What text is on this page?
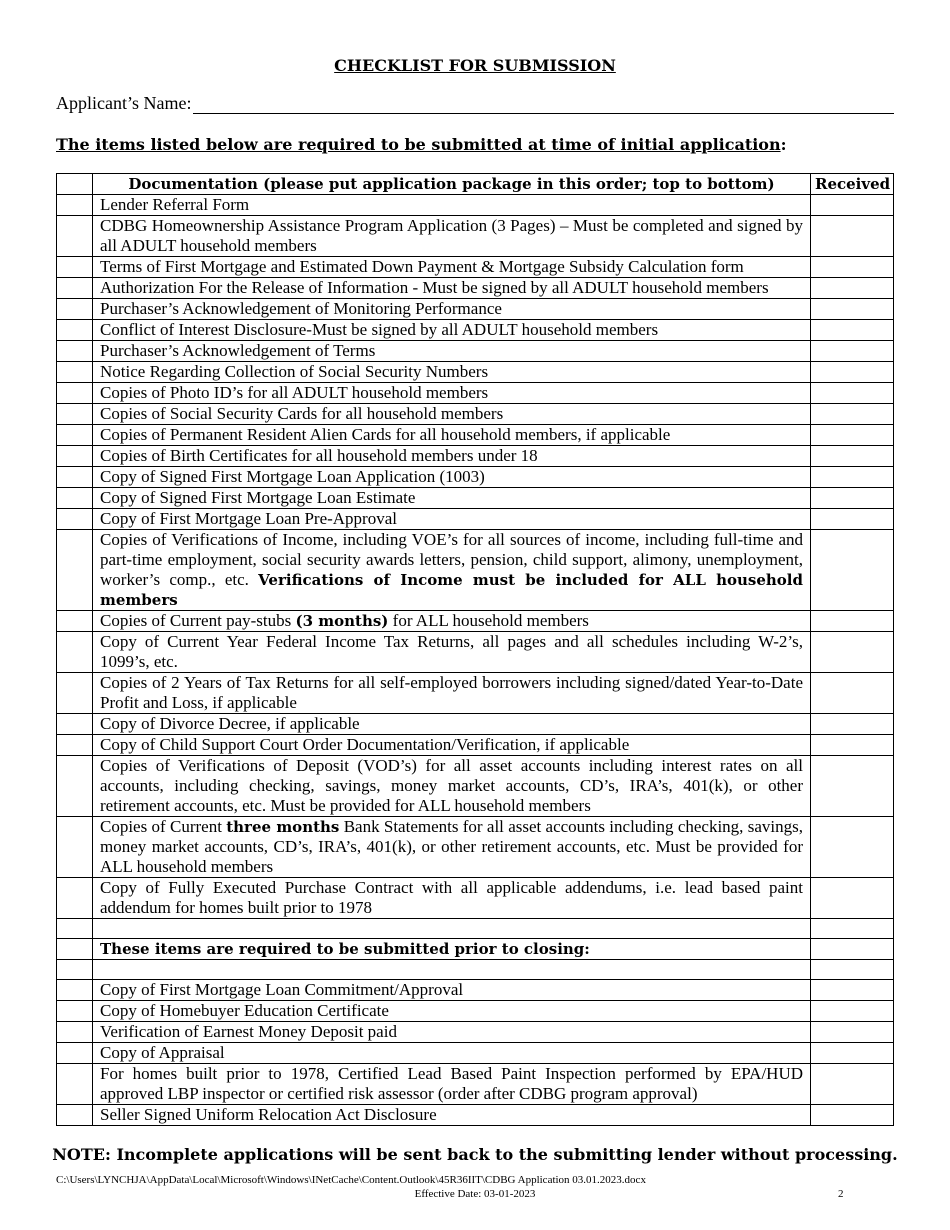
CHECKLIST FOR SUBMISSION
Applicant’s Name:
The items listed below are required to be submitted at time of initial application:
	Documentation (please put application package in this order; top to bottom)	Received
	Lender Referral Form	
	CDBG Homeownership Assistance Program Application (3 Pages) – Must be completed and signed by all ADULT household members	
	Terms of First Mortgage and Estimated Down Payment & Mortgage Subsidy Calculation form	
	Authorization For the Release of Information - Must be signed by all ADULT household members	
	Purchaser’s Acknowledgement of Monitoring Performance	
	Conflict of Interest Disclosure-Must be signed by all ADULT household members	
	Purchaser’s Acknowledgement of Terms	
	Notice Regarding Collection of Social Security Numbers	
	Copies of Photo ID’s for all ADULT household members	
	Copies of Social Security Cards for all household members	
	Copies of Permanent Resident Alien Cards for all household members, if applicable	
	Copies of Birth Certificates for all household members under 18	
	Copy of Signed First Mortgage Loan Application (1003)	
	Copy of Signed First Mortgage Loan Estimate	
	Copy of First Mortgage Loan Pre-Approval	
	Copies of Verifications of Income, including VOE’s for all sources of income, including full-time and part-time employment, social security awards letters, pension, child support, alimony, unemployment, worker’s comp., etc. Verifications of Income must be included for ALL household members	
	Copies of Current pay-stubs (3 months) for ALL household members	
	Copy of Current Year Federal Income Tax Returns, all pages and all schedules including W-2’s, 1099’s, etc.	
	Copies of 2 Years of Tax Returns for all self-employed borrowers including signed/dated Year-to-Date Profit and Loss, if applicable	
	Copy of Divorce Decree, if applicable	
	Copy of Child Support Court Order Documentation/Verification, if applicable	
	Copies of Verifications of Deposit (VOD’s) for all asset accounts including interest rates on all accounts, including checking, savings, money market accounts, CD’s, IRA’s, 401(k), or other retirement accounts, etc. Must be provided for ALL household members	
	Copies of Current three months Bank Statements for all asset accounts including checking, savings, money market accounts, CD’s, IRA’s, 401(k), or other retirement accounts, etc. Must be provided for ALL household members	
	Copy of Fully Executed Purchase Contract with all applicable addendums, i.e. lead based paint addendum for homes built prior to 1978	

	These items are required to be submitted prior to closing:	

	Copy of First Mortgage Loan Commitment/Approval	
	Copy of Homebuyer Education Certificate	
	Verification of Earnest Money Deposit paid	
	Copy of Appraisal	
	For homes built prior to 1978, Certified Lead Based Paint Inspection performed by EPA/HUD approved LBP inspector or certified risk assessor (order after CDBG program approval)	
	Seller Signed Uniform Relocation Act Disclosure	
NOTE: Incomplete applications will be sent back to the submitting lender without processing.
C:\Users\LYNCHJA\AppData\Local\Microsoft\Windows\INetCache\Content.Outlook\45R36IIT\CDBG Application 03.01.2023.docx
Effective Date: 03-01-2023	2
